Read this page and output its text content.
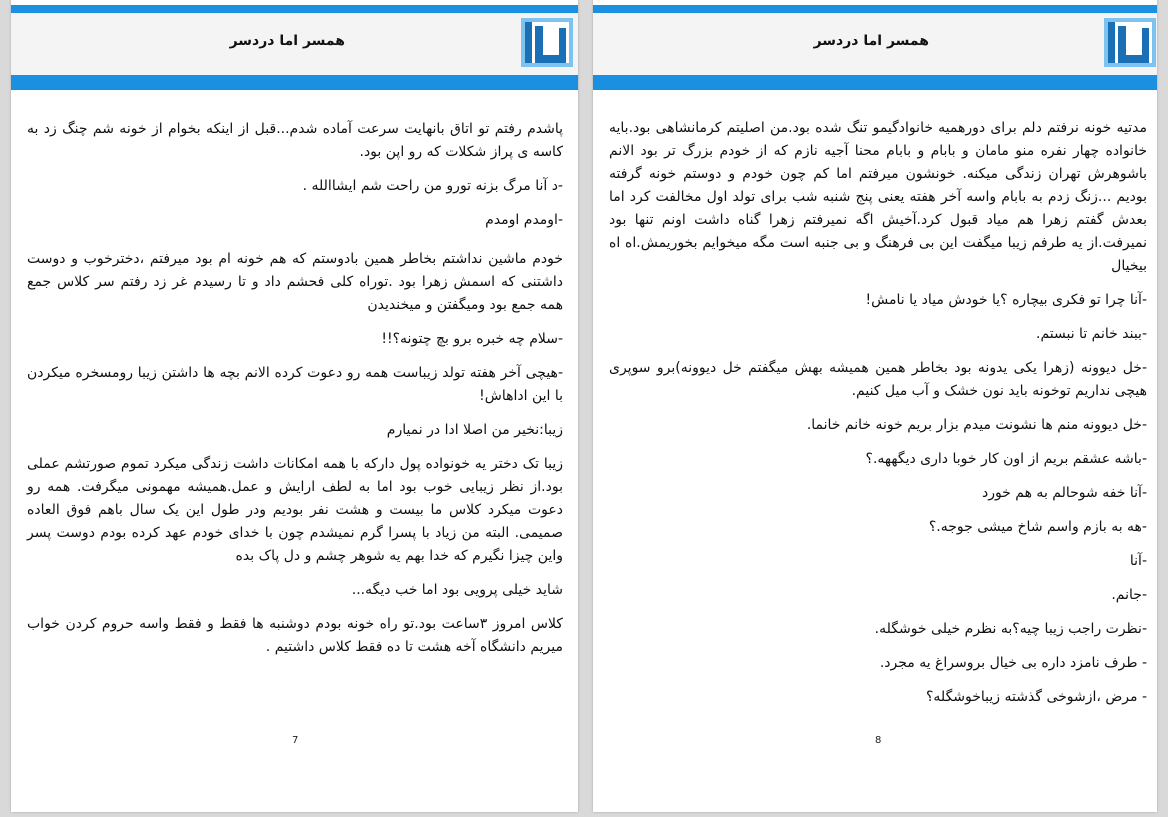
همسر اما دردسر

پاشدم رفتم تو اتاق بانهایت سرعت آماده شدم...قبل از اینکه بخوام از خونه شم چنگ زد به کاسه ی پراز شکلات که رو اپن بود.

-د آنا مرگ بزنه تورو من راحت شم ایشاالله .

-اومدم اومدم

خودم ماشین نداشتم بخاطر همین بادوستم که هم خونه ام بود میرفتم ،دخترخوب و دوست داشتنی که اسمش زهرا بود .توراه کلی فحشم داد و تا رسیدم غر زد رفتم سر کلاس جمع همه جمع بود ومیگفتن و میخندیدن

-سلام چه خبره برو بچ چتونه؟!!

-هیچی آخر هفته تولد زیباست همه رو دعوت کرده الانم بچه ها داشتن زیبا رومسخره میکردن با این اداهاش!

زیبا:نخیر من اصلا ادا در نمیارم

زیبا تک دختر یه خونواده پول دارکه با همه امکانات داشت زندگی میکرد تموم صورتشم عملی بود.از نظر زیبایی خوب بود اما به لطف ارایش و عمل.همیشه مهمونی میگرفت. همه رو دعوت میکرد کلاس ما بیست و هشت نفر بودیم ودر طول این یک سال باهم فوق العاده صمیمی. البته من زیاد با پسرا گرم نمیشدم چون با خدای خودم عهد کرده بودم دوست پسر واین چیزا نگیرم که خدا بهم یه شوهر چشم و دل پاک بده

شاید خیلی پرویی بود اما خب دیگه...

کلاس امروز ۳ساعت بود.تو راه خونه بودم دوشنبه ها فقط و فقط واسه حروم کردن خواب میریم دانشگاه آخه هشت تا ده فقط کلاس داشتیم .

7
همسر اما دردسر

مدتیه خونه نرفتم دلم برای دورهمیه خانوادگیمو تنگ شده بود.من اصلیتم کرمانشاهی بود.بایه خانواده چهار نفره منو مامان و بابام و بابام محنا آجیه نازم که از خودم بزرگ تر بود الانم باشوهرش تهران زندگی میکنه. خونشون میرفتم اما کم چون خودم و دوستم خونه گرفته بودیم ...زنگ زدم به بابام واسه آخر هفته یعنی پنج شنبه شب برای تولد اول مخالفت کرد اما بعدش گفتم زهرا هم میاد قبول کرد.آخیش اگه نمیرفتم زهرا گناه داشت اونم تنها بود نمیرفت.از یه طرفم زیبا میگفت این بی فرهنگ و بی جنبه است مگه میخوایم بخوریمش.اه اه بیخیال

-آنا چرا تو فکری بیچاره ؟یا خودش میاد یا نامش!

-ببند خانم تا نبستم.

-خل دیوونه (زهرا یکی یدونه بود بخاطر همین همیشه بهش میگفتم خل دیوونه)برو سوپری هیچی نداریم توخونه باید نون خشک و آب میل کنیم.

-خل دیوونه منم ها نشونت میدم بزار بریم خونه خانم خانما.

-باشه عشقم بریم از اون کار خوبا داری دیگههه.؟

-آنا خفه شوحالم به هم خورد

-هه به بازم واسم شاخ میشی جوجه.؟

-آنا

-جانم.

-نظرت راجب زیبا چیه؟به نظرم خیلی خوشگله.

- طرف نامزد داره بی خیال بروسراغ یه مجرد.

- مرض ،ازشوخی گذشته زیباخوشگله؟

8
